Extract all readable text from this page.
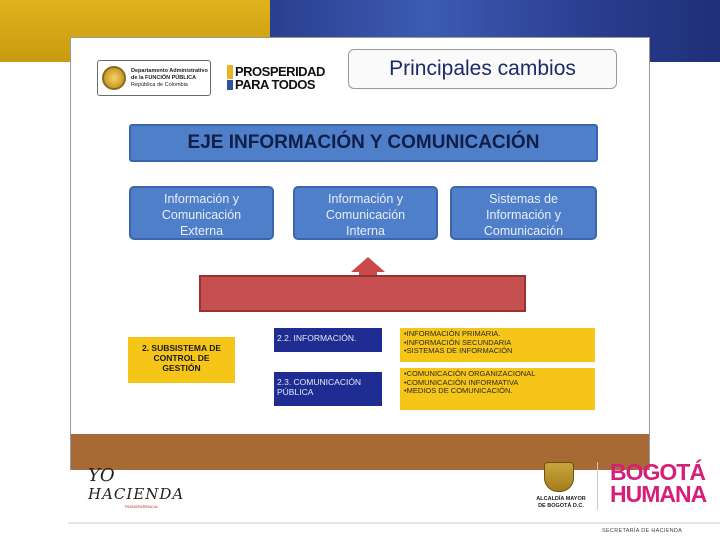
Departamento Administrativo
de la FUNCIÓN PÚBLICA
República de Colombia
PROSPERIDAD
PARA TODOS
Principales cambios
EJE INFORMACIÓN Y COMUNICACIÓN
Información y
Comunicación
Externa
Información y
Comunicación
Interna
Sistemas de
Información y
Comunicación
2. SUBSISTEMA DE
CONTROL DE
GESTIÓN
2.2. INFORMACIÓN.
2.3. COMUNICACIÓN PÚBLICA
•INFORMACIÓN PRIMARIA.
•INFORMACIÓN SECUNDARIA
•SISTEMAS DE INFORMACIÓN
•COMUNICACIÓN ORGANIZACIONAL
•COMUNICACIÓN INFORMATIVA
•MEDIOS DE COMUNICACIÓN.
YO
HACIENDA
TRANSPARENCIA
ALCALDÍA MAYOR
DE BOGOTÁ D.C.
BOGOTÁ
HUMANA
SECRETARÍA DE HACIENDA
